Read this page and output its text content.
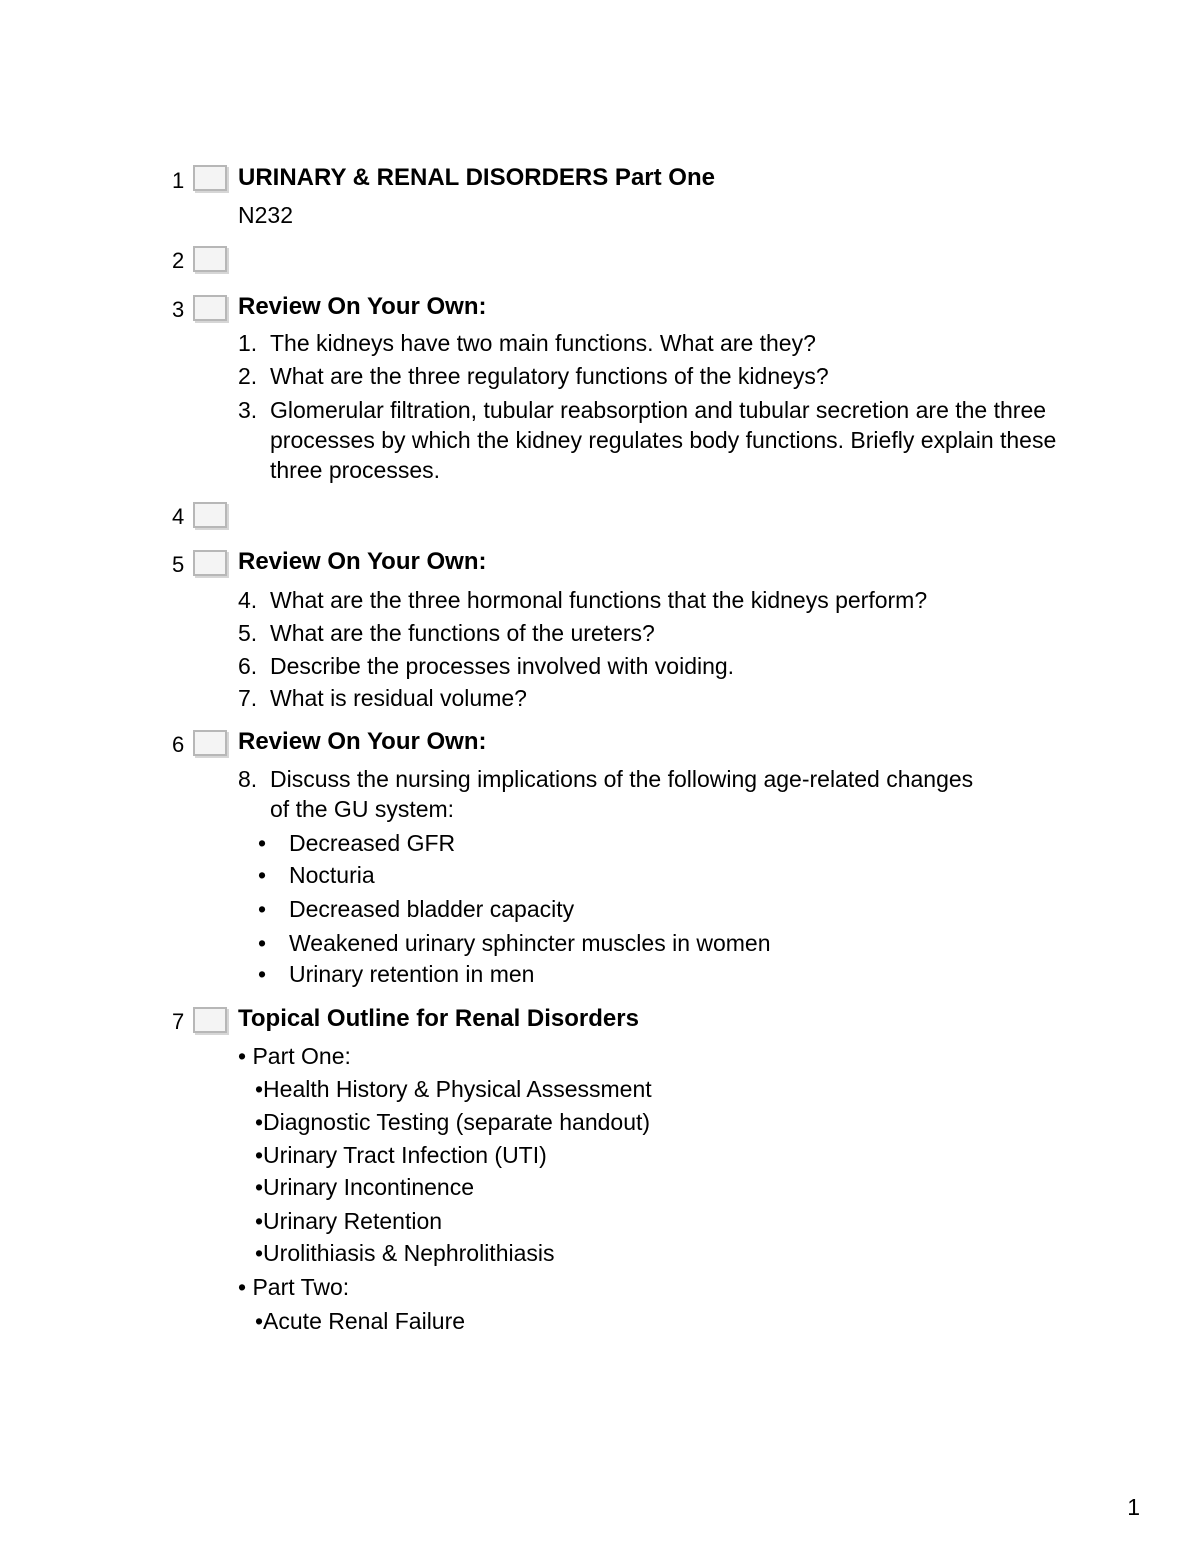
1 URINARY & RENAL DISORDERS Part One
N232
2
3 Review On Your Own:
1. The kidneys have two main functions. What are they?
2. What are the three regulatory functions of the kidneys?
3. Glomerular filtration, tubular reabsorption and tubular secretion are the three processes by which the kidney regulates body functions. Briefly explain these three processes.
4
5 Review On Your Own:
4. What are the three hormonal functions that the kidneys perform?
5. What are the functions of the ureters?
6. Describe the processes involved with voiding.
7. What is residual volume?
6 Review On Your Own:
8. Discuss the nursing implications of the following age-related changes of the GU system:
• Decreased GFR
• Nocturia
• Decreased bladder capacity
• Weakened urinary sphincter muscles in women
• Urinary retention in men
7 Topical Outline for Renal Disorders
• Part One:
•Health History & Physical Assessment
•Diagnostic Testing (separate handout)
•Urinary Tract Infection (UTI)
•Urinary Incontinence
•Urinary Retention
•Urolithiasis & Nephrolithiasis
• Part Two:
•Acute Renal Failure
1
